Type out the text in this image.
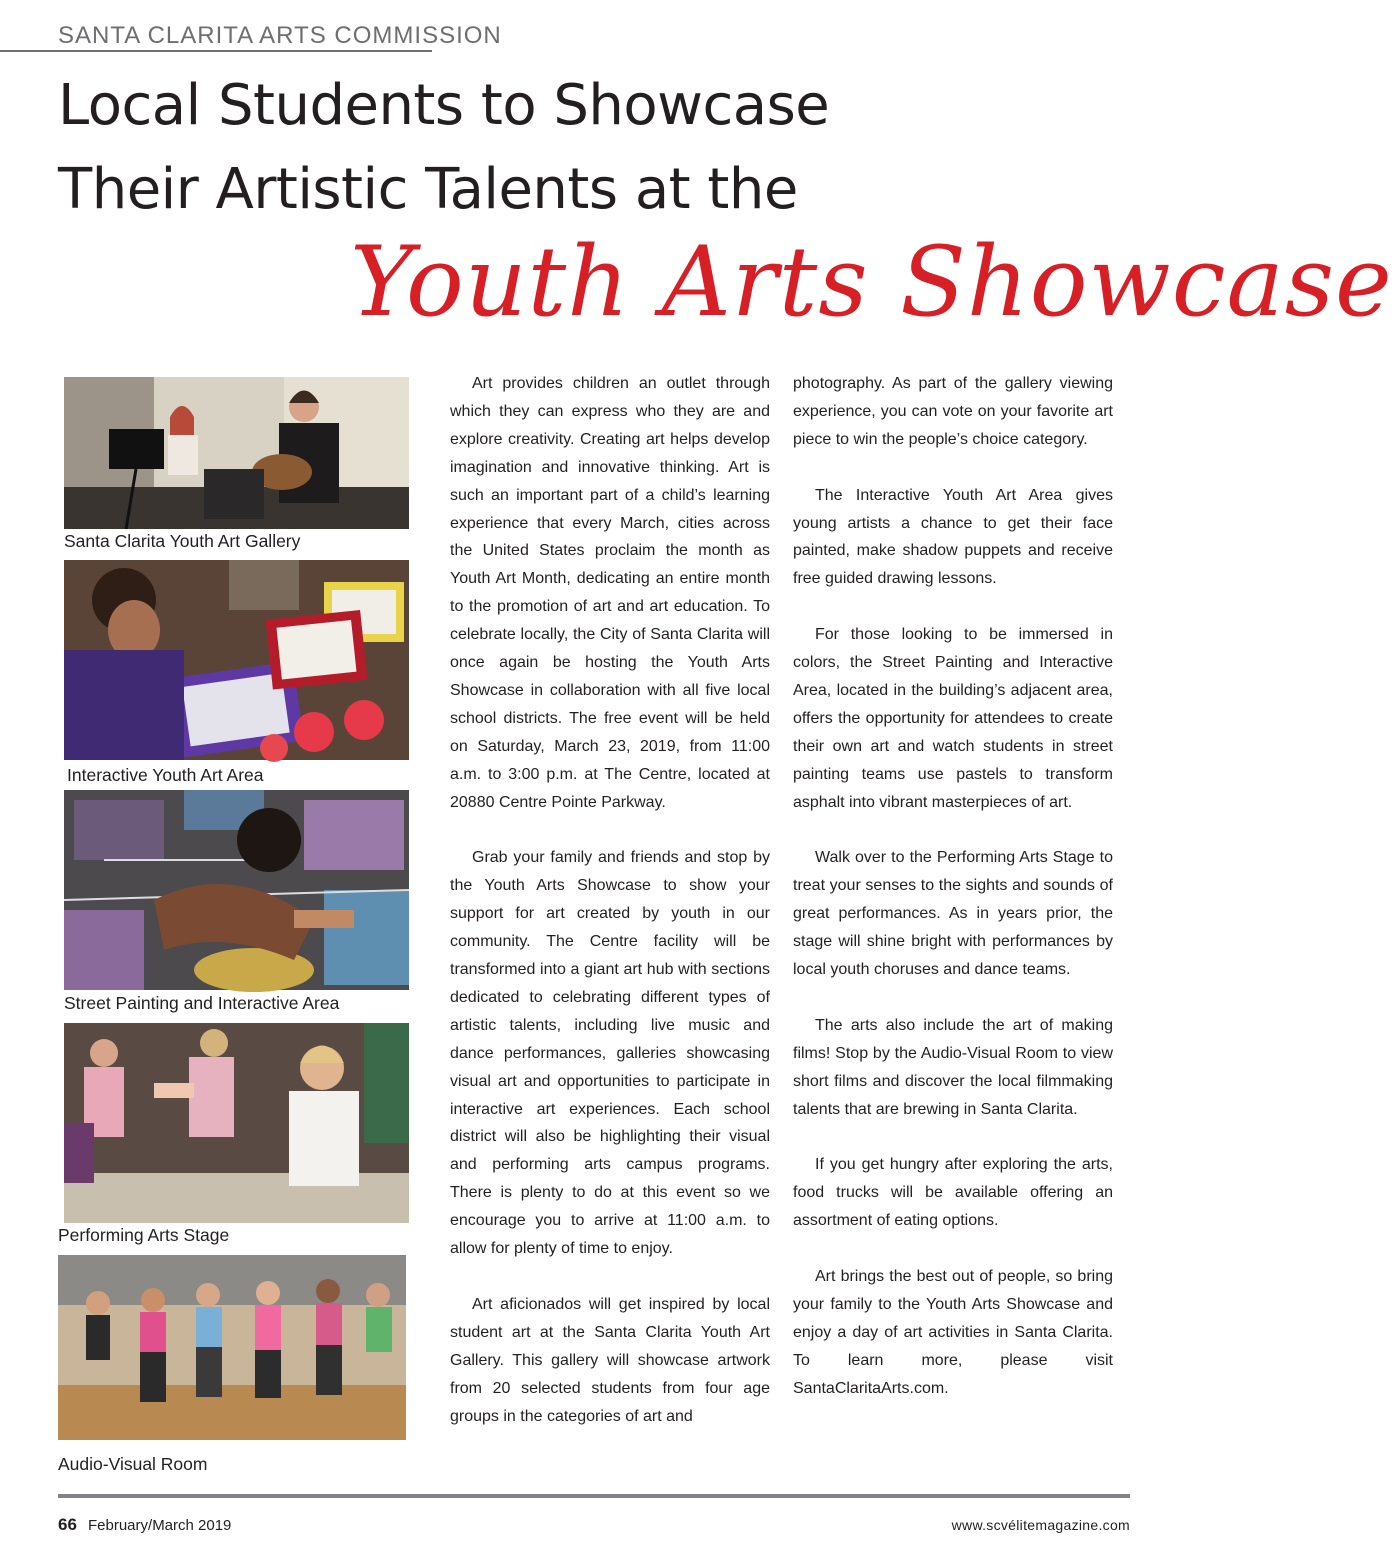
SANTA CLARITA ARTS COMMISSION
Local Students to Showcase
Their Artistic Talents at the
Youth Arts Showcase
Santa Clarita Youth Art Gallery
Interactive Youth Art Area
Street Painting and Interactive Area
Performing Arts Stage
Audio-Visual Room

Art provides children an outlet through which they can express who they are and explore creativity. Creating art helps develop imagination and innovative thinking. Art is such an important part of a child’s learning experience that every March, cities across the United States proclaim the month as Youth Art Month, dedicating an entire month to the promotion of art and art education. To celebrate locally, the City of Santa Clarita will once again be hosting the Youth Arts Showcase in collaboration with all five local school districts. The free event will be held on Saturday, March 23, 2019, from 11:00 a.m. to 3:00 p.m. at The Centre, located at 20880 Centre Pointe Parkway.

Grab your family and friends and stop by the Youth Arts Showcase to show your support for art created by youth in our community. The Centre facility will be transformed into a giant art hub with sections dedicated to celebrating different types of artistic talents, including live music and dance performances, galleries showcasing visual art and opportunities to participate in interactive art experiences. Each school district will also be highlighting their visual and performing arts campus programs. There is plenty to do at this event so we encourage you to arrive at 11:00 a.m. to allow for plenty of time to enjoy.

Art aficionados will get inspired by local student art at the Santa Clarita Youth Art Gallery. This gallery will showcase artwork from 20 selected students from four age groups in the categories of art and

photography. As part of the gallery viewing experience, you can vote on your favorite art piece to win the people’s choice category.

The Interactive Youth Art Area gives young artists a chance to get their face painted, make shadow puppets and receive free guided drawing lessons.

For those looking to be immersed in colors, the Street Painting and Interactive Area, located in the building’s adjacent area, offers the opportunity for attendees to create their own art and watch students in street painting teams use pastels to transform asphalt into vibrant masterpieces of art.

Walk over to the Performing Arts Stage to treat your senses to the sights and sounds of great performances. As in years prior, the stage will shine bright with performances by local youth choruses and dance teams.

The arts also include the art of making films! Stop by the Audio-Visual Room to view short films and discover the local filmmaking talents that are brewing in Santa Clarita.

If you get hungry after exploring the arts, food trucks will be available offering an assortment of eating options.

Art brings the best out of people, so bring your family to the Youth Arts Showcase and enjoy a day of art activities in Santa Clarita. To learn more, please visit SantaClaritaArts.com.

66 February/March 2019	www.scvélitemagazine.com
